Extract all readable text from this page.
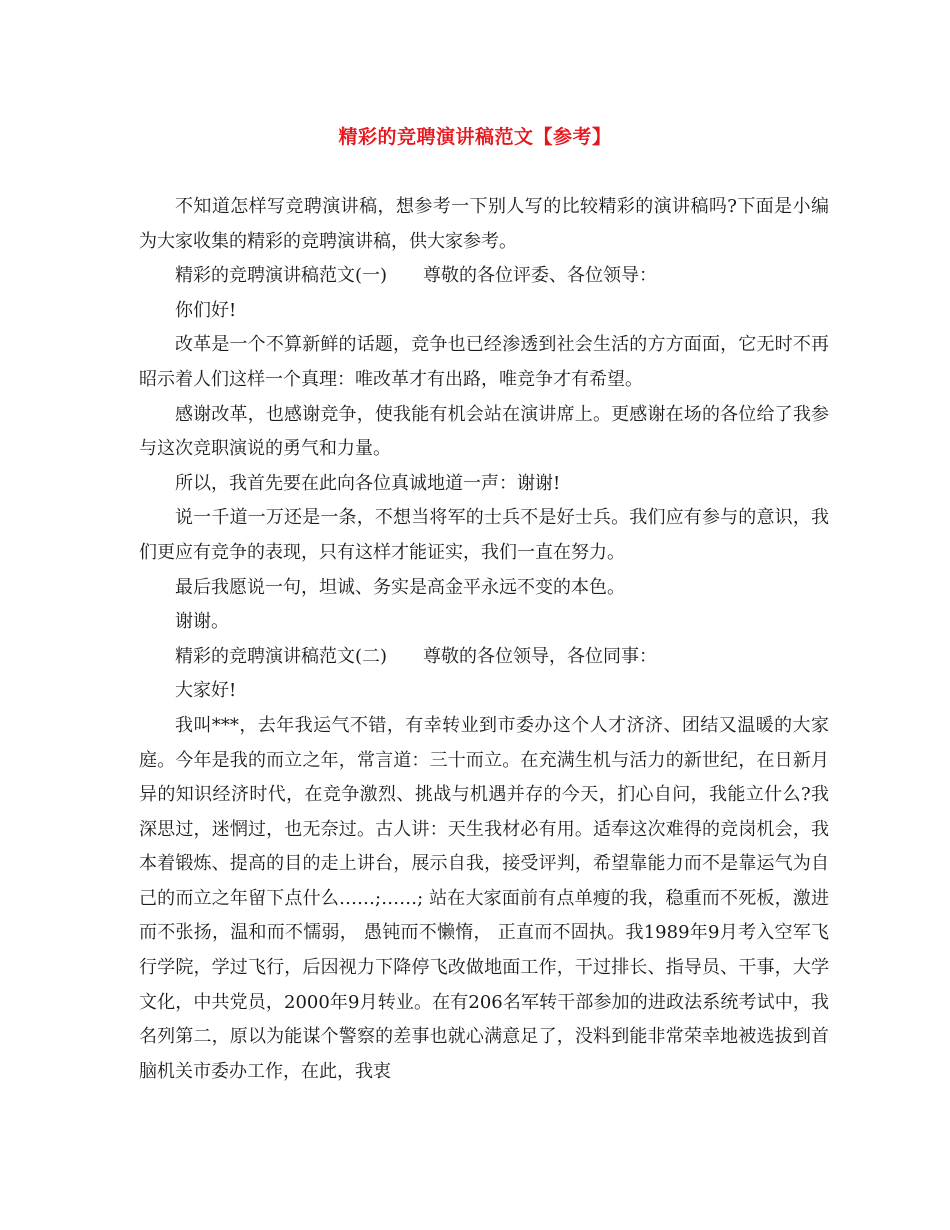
精彩的竞聘演讲稿范文【参考】

不知道怎样写竞聘演讲稿，想参考一下别人写的比较精彩的演讲稿吗?下面是小编为大家收集的精彩的竞聘演讲稿，供大家参考。

精彩的竞聘演讲稿范文(一)　　尊敬的各位评委、各位领导：

你们好!

改革是一个不算新鲜的话题，竞争也已经渗透到社会生活的方方面面，它无时不再昭示着人们这样一个真理：唯改革才有出路，唯竞争才有希望。

感谢改革，也感谢竞争，使我能有机会站在演讲席上。更感谢在场的各位给了我参与这次竞职演说的勇气和力量。

所以，我首先要在此向各位真诚地道一声：谢谢!

说一千道一万还是一条，不想当将军的士兵不是好士兵。我们应有参与的意识，我们更应有竞争的表现，只有这样才能证实，我们一直在努力。

最后我愿说一句，坦诚、务实是高金平永远不变的本色。

谢谢。

精彩的竞聘演讲稿范文(二)　　尊敬的各位领导，各位同事：

大家好!

我叫***，去年我运气不错，有幸转业到市委办这个人才济济、团结又温暖的大家庭。今年是我的而立之年，常言道：三十而立。在充满生机与活力的新世纪，在日新月异的知识经济时代，在竞争激烈、挑战与机遇并存的今天，扪心自问，我能立什么?我深思过，迷惘过，也无奈过。古人讲：天生我材必有用。适奉这次难得的竞岗机会，我本着锻炼、提高的目的走上讲台，展示自我，接受评判，希望靠能力而不是靠运气为自己的而立之年留下点什么……;……; 站在大家面前有点单瘦的我，稳重而不死板，激进而不张扬，温和而不懦弱， 愚钝而不懒惰， 正直而不固执。我1989年9月考入空军飞行学院，学过飞行，后因视力下降停飞改做地面工作，干过排长、指导员、干事，大学文化，中共党员，2000年9月转业。在有206名军转干部参加的进政法系统考试中，我名列第二，原以为能谋个警察的差事也就心满意足了，没料到能非常荣幸地被选拔到首脑机关市委办工作，在此，我衷
